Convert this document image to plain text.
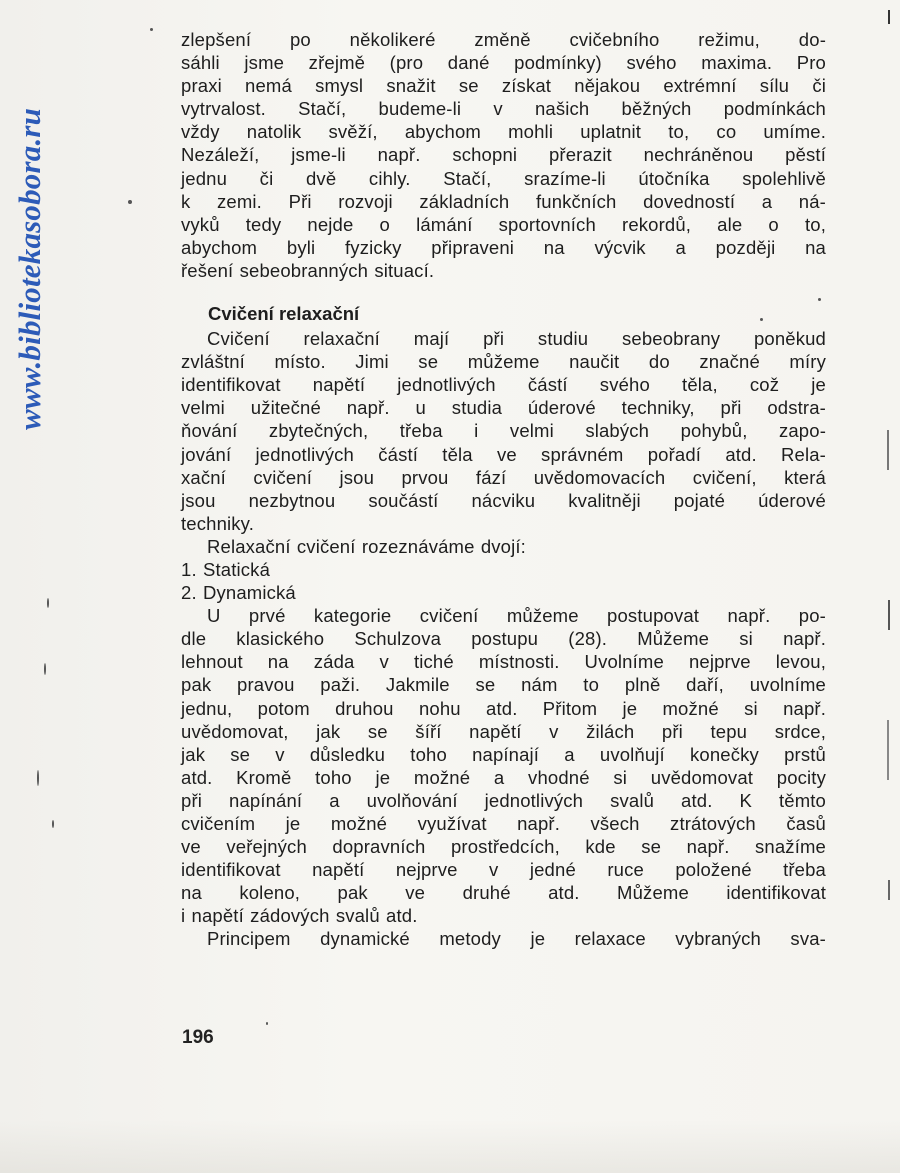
www.bibliotekasobora.ru
zlepšení po několikeré změně cvičebního režimu, do-
sáhli jsme zřejmě (pro dané podmínky) svého maxima. Pro
praxi nemá smysl snažit se získat nějakou extrémní sílu či
vytrvalost. Stačí, budeme-li v našich běžných podmínkách
vždy natolik svěží, abychom mohli uplatnit to, co umíme.
Nezáleží, jsme-li např. schopni přerazit nechráněnou pěstí
jednu či dvě cihly. Stačí, srazíme-li útočníka spolehlivě
k zemi. Při rozvoji základních funkčních dovedností a ná-
vyků tedy nejde o lámání sportovních rekordů, ale o to,
abychom byli fyzicky připraveni na výcvik a později na
řešení sebeobranných situací.
Cvičení relaxační
Cvičení relaxační mají při studiu sebeobrany poněkud
zvláštní místo. Jimi se můžeme naučit do značné míry
identifikovat napětí jednotlivých částí svého těla, což je
velmi užitečné např. u studia úderové techniky, při odstra-
ňování zbytečných, třeba i velmi slabých pohybů, zapo-
jování jednotlivých částí těla ve správném pořadí atd. Rela-
xační cvičení jsou prvou fází uvědomovacích cvičení, která
jsou nezbytnou součástí nácviku kvalitněji pojaté úderové
techniky.
Relaxační cvičení rozeznáváme dvojí:
1. Statická
2. Dynamická
U prvé kategorie cvičení můžeme postupovat např. po-
dle klasického Schulzova postupu (28). Můžeme si např.
lehnout na záda v tiché místnosti. Uvolníme nejprve levou,
pak pravou paži. Jakmile se nám to plně daří, uvolníme
jednu, potom druhou nohu atd. Přitom je možné si např.
uvědomovat, jak se šíří napětí v žilách při tepu srdce,
jak se v důsledku toho napínají a uvolňují konečky prstů
atd. Kromě toho je možné a vhodné si uvědomovat pocity
při napínání a uvolňování jednotlivých svalů atd. K těmto
cvičením je možné využívat např. všech ztrátových časů
ve veřejných dopravních prostředcích, kde se např. snažíme
identifikovat napětí nejprve v jedné ruce položené třeba
na koleno, pak ve druhé atd. Můžeme identifikovat
i napětí zádových svalů atd.
Principem dynamické metody je relaxace vybraných sva-
196
